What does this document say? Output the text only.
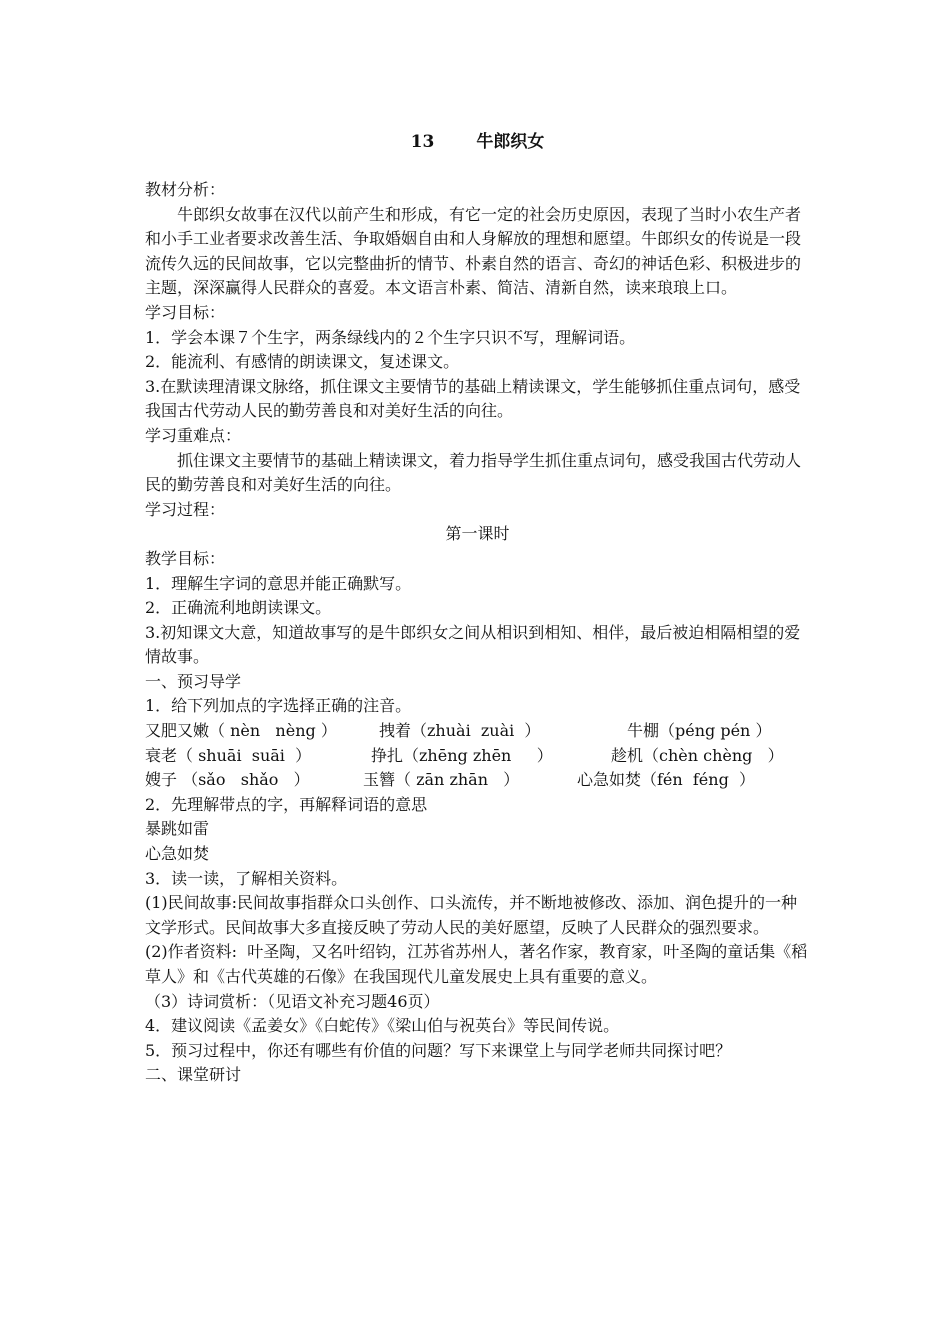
13 牛郎织女
教材分析：
牛郎织女故事在汉代以前产生和形成，有它一定的社会历史原因，表现了当时小农生产者和小手工业者要求改善生活、争取婚姻自由和人身解放的理想和愿望。牛郎织女的传说是一段流传久远的民间故事，它以完整曲折的情节、朴素自然的语言、奇幻的神话色彩、积极进步的主题，深深赢得人民群众的喜爱。本文语言朴素、简洁、清新自然，读来琅琅上口。
学习目标：
1．学会本课７个生字，两条绿线内的２个生字只识不写，理解词语。
2．能流利、有感情的朗读课文，复述课文。
3.在默读理清课文脉络，抓住课文主要情节的基础上精读课文，学生能够抓住重点词句，感受我国古代劳动人民的勤劳善良和对美好生活的向往。
学习重难点：
抓住课文主要情节的基础上精读课文，着力指导学生抓住重点词句，感受我国古代劳动人民的勤劳善良和对美好生活的向往。
学习过程：
第一课时
教学目标：
1．理解生字词的意思并能正确默写。
2．正确流利地朗读课文。
3.初知课文大意，知道故事写的是牛郎织女之间从相识到相知、相伴，最后被迫相隔相望的爱情故事。
一、预习导学
1．给下列加点的字选择正确的注音。
又肥又嫩（ nèn   nèng ）	拽着（zhuài  zuài  ）	牛棚（péng pén ）
衰老（ shuāi  suāi  ）	挣扎（zhēng zhēn     ）	趁机（chèn chèng   ）
嫂子 （sǎo   shǎo   ）	玉簪（ zān zhān   ）	心急如焚（fén  féng  ）
2．先理解带点的字，再解释词语的意思
暴跳如雷
心急如焚
3．读一读，了解相关资料。
(1)民间故事:民间故事指群众口头创作、口头流传，并不断地被修改、添加、润色提升的一种文学形式。民间故事大多直接反映了劳动人民的美好愿望，反映了人民群众的强烈要求。
(2)作者资料:  叶圣陶，又名叶绍钧，江苏省苏州人，著名作家，教育家，叶圣陶的童话集《稻草人》和《古代英雄的石像》在我国现代儿童发展史上具有重要的意义。
（3）诗词赏析：（见语文补充习题46页）
4．建议阅读《孟姜女》《白蛇传》《梁山伯与祝英台》等民间传说。
5．预习过程中，你还有哪些有价值的问题？写下来课堂上与同学老师共同探讨吧？
二、课堂研讨
